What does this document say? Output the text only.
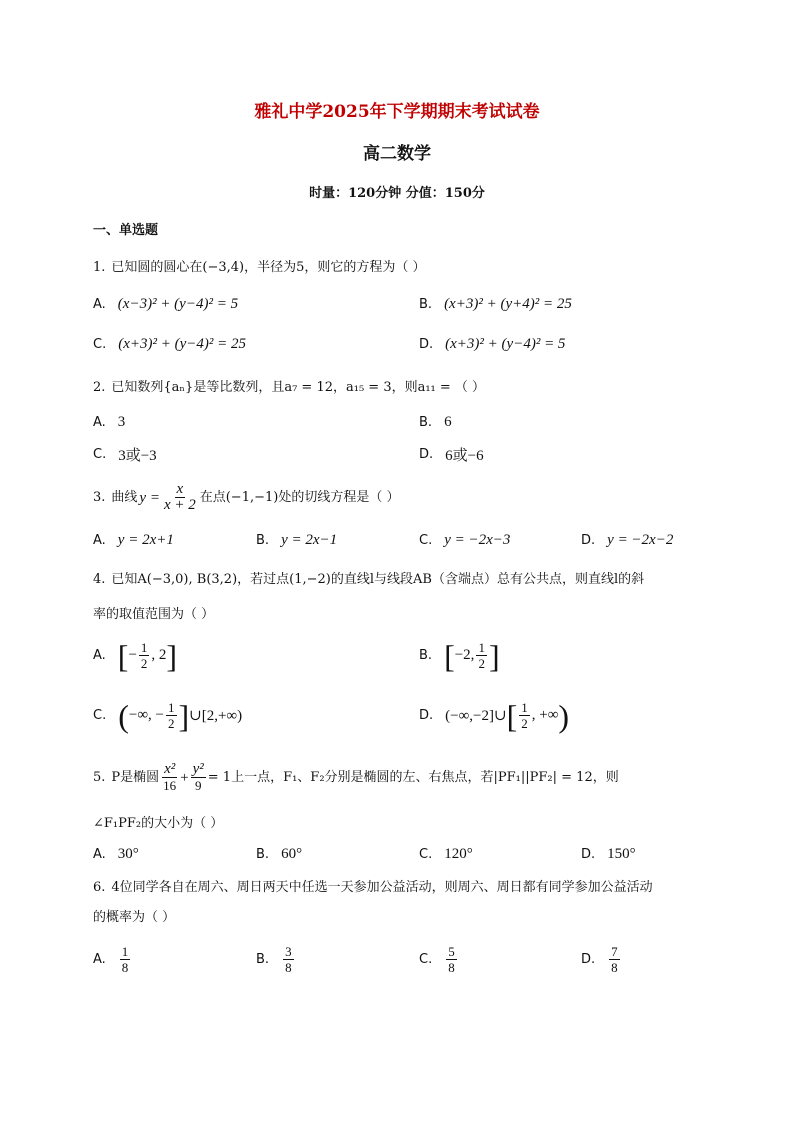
雅礼中学2025年下学期期末考试试卷
高二数学
时量：120分钟 分值：150分
一、单选题
1. 已知圆的圆心在(−3,4)，半径为5，则它的方程为（ ）
A. (x−3)² + (y−4)² = 5	B. (x+3)² + (y+4)² = 25
C. (x+3)² + (y−4)² = 25	D. (x+3)² + (y−4)² = 5
2. 已知数列{aₙ}是等比数列，且a₇ = 12，a₁₅ = 3，则a₁₁ = （ ）
A. 3	B. 6
C. 3或−3	D. 6或−6
3. 曲线 $y = \frac{x}{x + 2}$ 在点(−1,−1)处的切线方程是（ ）
A. y = 2x+1	B. y = 2x−1	C. y = −2x−3	D. y = −2x−2
4. 已知A(−3,0), B(3,2)，若过点(1,−2)的直线l与线段AB（含端点）总有公共点，则直线l的斜
率的取值范围为（ ）
A. [ − $\frac{1}{2}$ , 2 ]	B. [ −2, $\frac{1}{2}$ ]
C. ( −∞, − $\frac{1}{2}$ ] ∪[2,+∞)	D. (−∞,−2]∪ [ $\frac{1}{2}$ , +∞ )
5. P是椭圆 $\frac{\text{x²}}{16} + \frac{\text{y²}}{9} = 1$上一点，F₁、F₂分别是椭圆的左、右焦点，若|PF₁||PF₂| = 12，则
∠F₁PF₂的大小为（ ）
A. 30°	B. 60°	C. 120°	D. 150°
6. 4位同学各自在周六、周日两天中任选一天参加公益活动，则周六、周日都有同学参加公益活动
的概率为（ ）
A. $\frac{1}{8}$	B. $\frac{3}{8}$	C. $\frac{5}{8}$	D. $\frac{7}{8}$
